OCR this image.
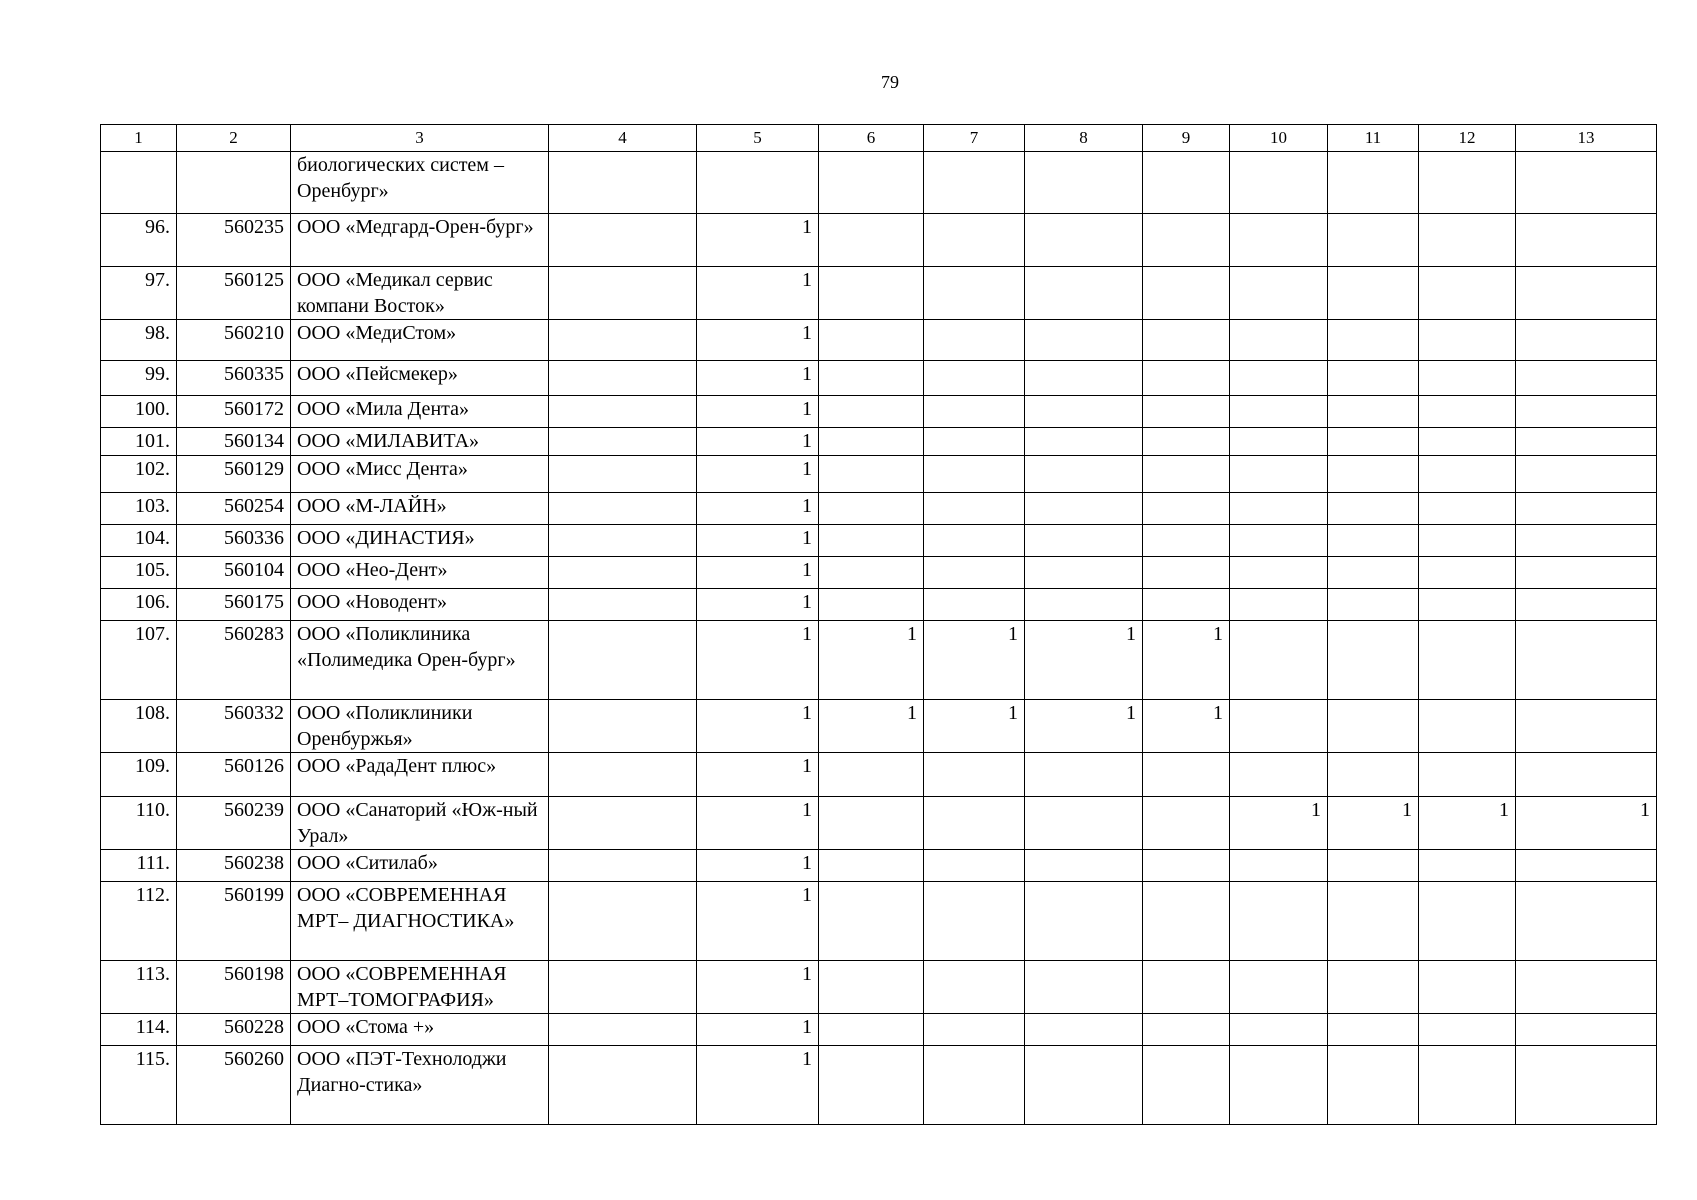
79
1	2	3	4	5	6	7	8	9	10	11	12	13
		биологических систем – Оренбург»										
96.	560235	ООО «Медгард-Орен-бург»		1								
97.	560125	ООО «Медикал сервис компани Восток»		1								
98.	560210	ООО «МедиСтом»		1								
99.	560335	ООО «Пейсмекер»		1								
100.	560172	ООО «Мила Дента»		1								
101.	560134	ООО «МИЛАВИТА»		1								
102.	560129	ООО «Мисс Дента»		1								
103.	560254	ООО «М-ЛАЙН»		1								
104.	560336	ООО «ДИНАСТИЯ»		1								
105.	560104	ООО «Нео-Дент»		1								
106.	560175	ООО «Новодент»		1								
107.	560283	ООО «Поликлиника «Полимедика Орен-бург»		1	1	1	1	1				
108.	560332	ООО «Поликлиники Оренбуржья»		1	1	1	1	1				
109.	560126	ООО «РадаДент плюс»		1								
110.	560239	ООО «Санаторий «Юж-ный Урал»		1					1	1	1	1
111.	560238	ООО «Ситилаб»		1								
112.	560199	ООО «СОВРЕМЕННАЯ МРТ– ДИАГНОСТИКА»		1								
113.	560198	ООО «СОВРЕМЕННАЯ МРТ–ТОМОГРАФИЯ»		1								
114.	560228	ООО «Стома +»		1								
115.	560260	ООО «ПЭТ-Технолоджи Диагно-стика»		1								
